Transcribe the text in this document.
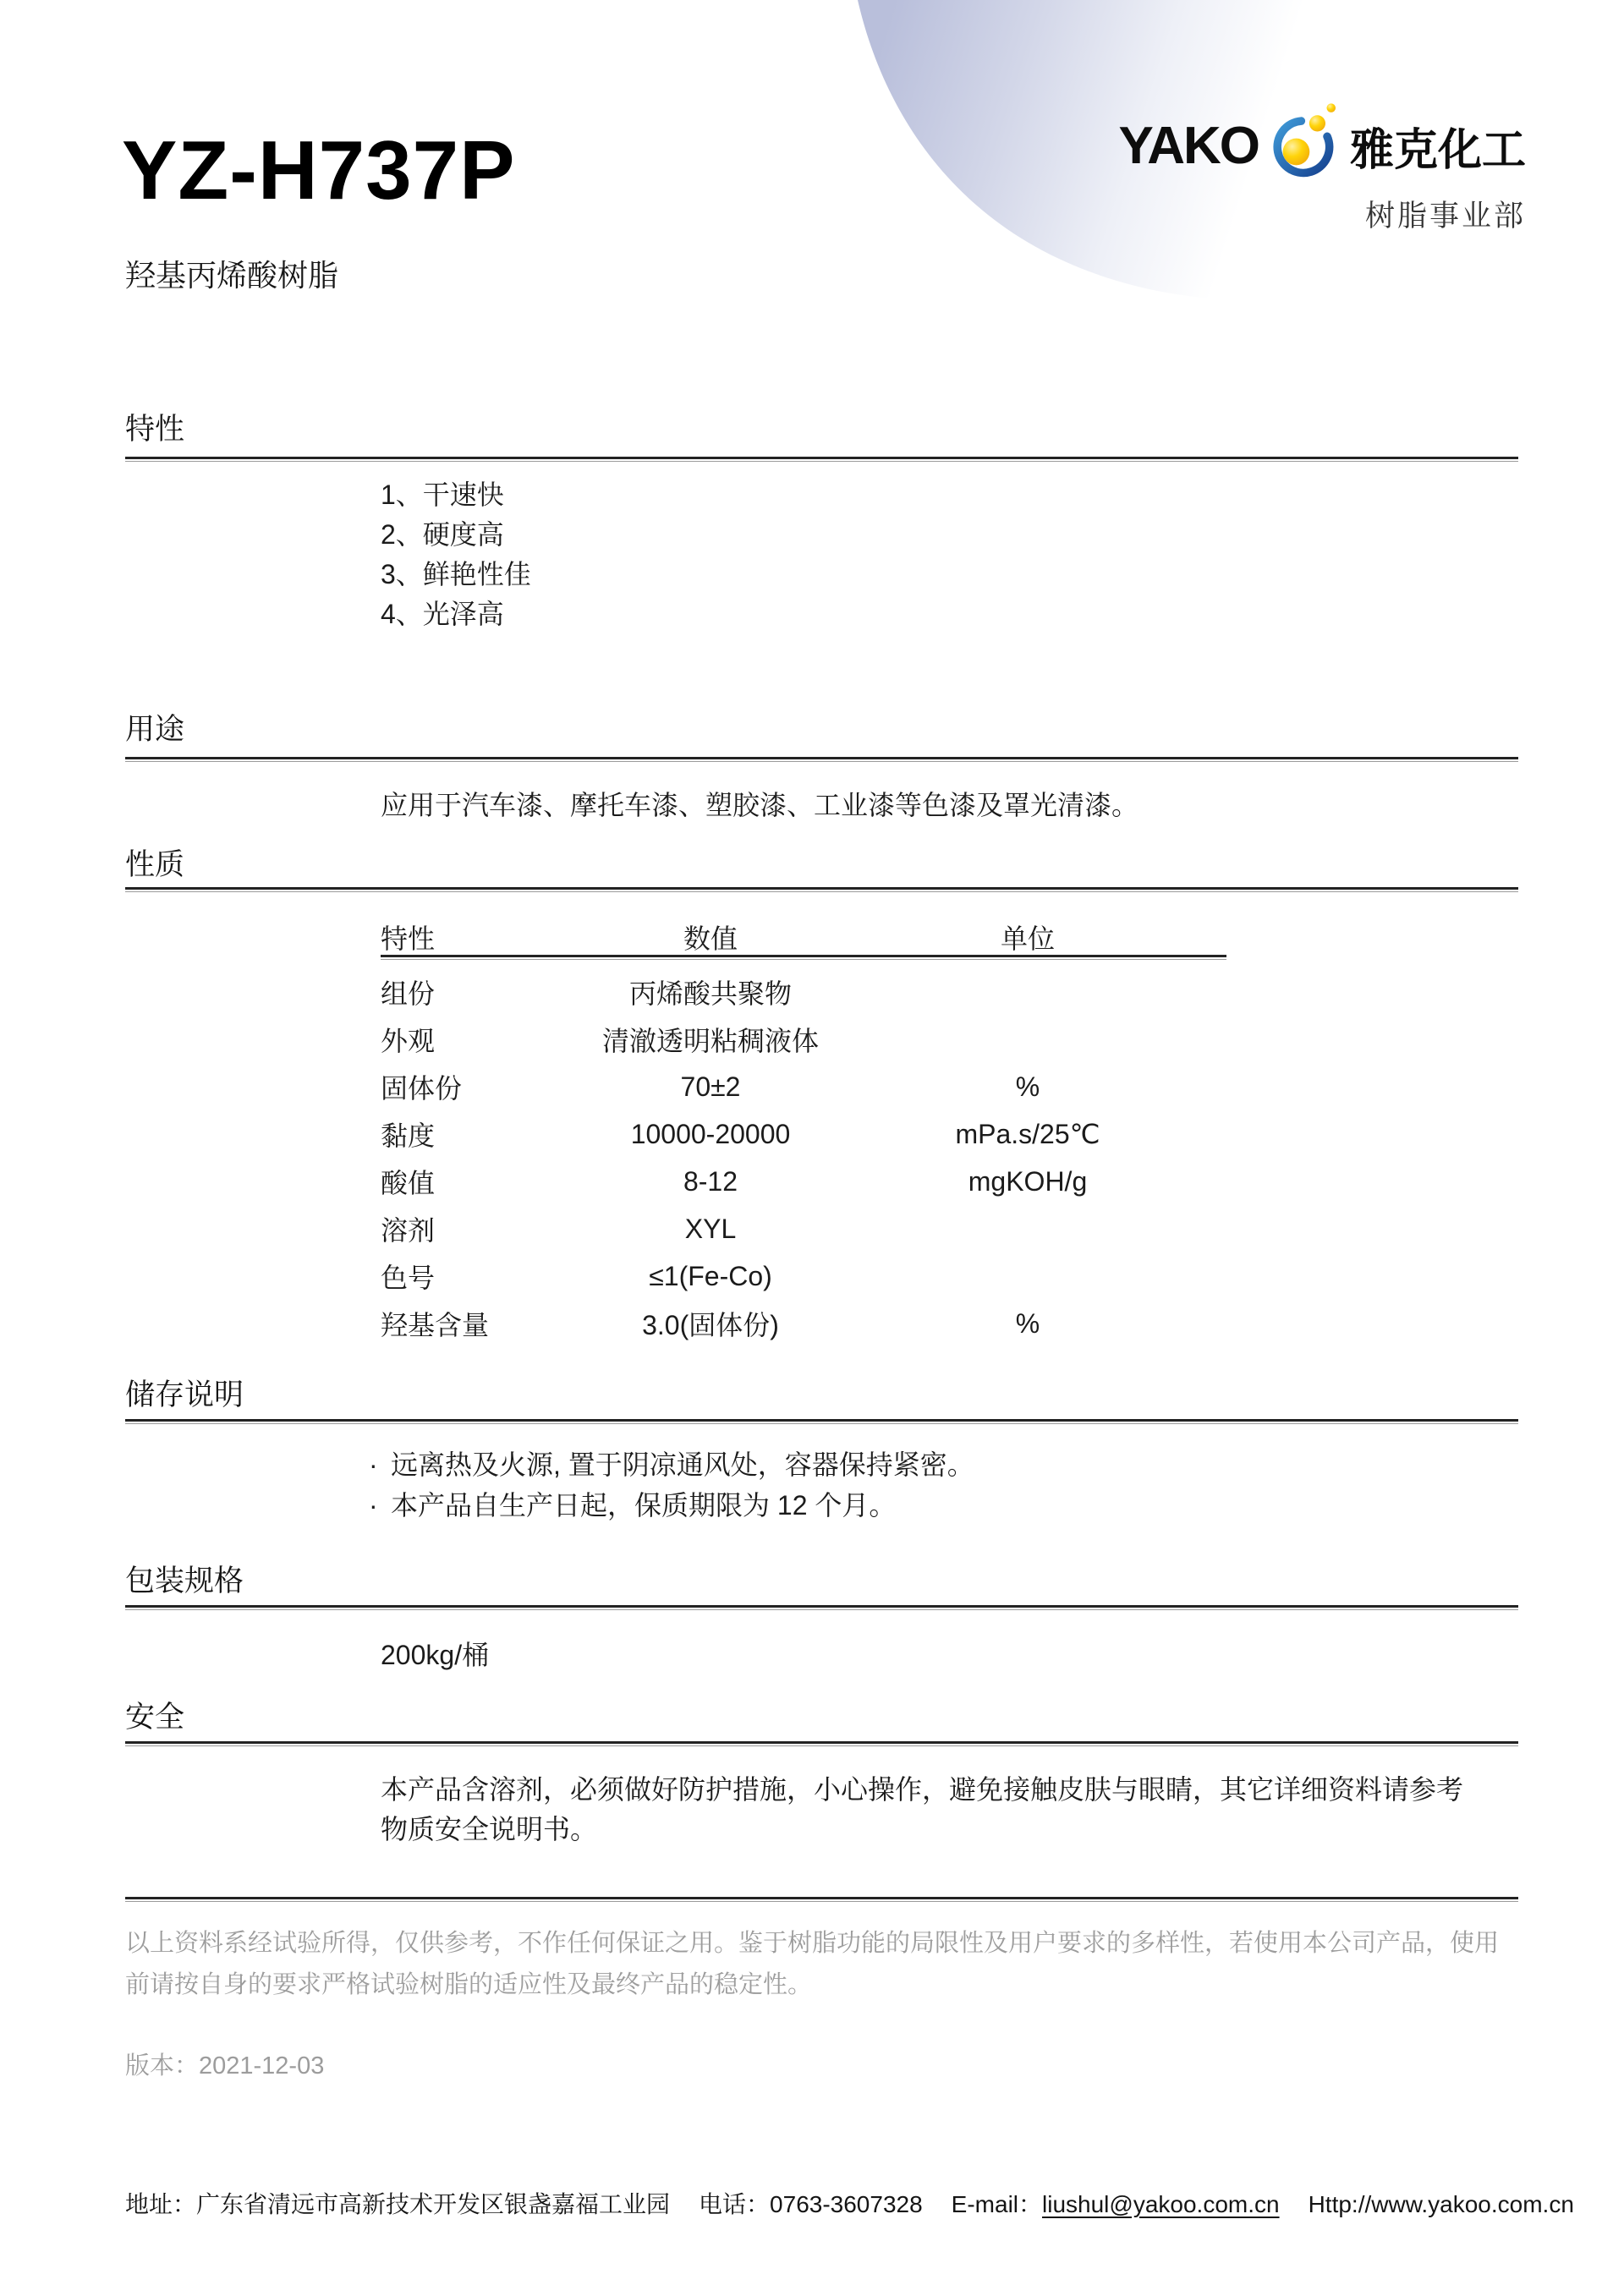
YZ-H737P	YAKO 雅克化工
树脂事业部
羟基丙烯酸树脂
特性
1、干速快
2、硬度高
3、鲜艳性佳
4、光泽高
用途
应用于汽车漆、摩托车漆、塑胶漆、工业漆等色漆及罩光清漆。
性质
特性	数值	单位
组份	丙烯酸共聚物
外观	清澈透明粘稠液体
固体份	70±2	%
黏度	10000-20000	mPa.s/25℃
酸值	8-12	mgKOH/g
溶剂	XYL
色号	≤1(Fe-Co)
羟基含量	3.0(固体份)	%
储存说明
· 远离热及火源, 置于阴凉通风处，容器保持紧密。
· 本产品自生产日起，保质期限为 12 个月。
包装规格
200kg/桶
安全
本产品含溶剂，必须做好防护措施，小心操作，避免接触皮肤与眼睛，其它详细资料请参考
物质安全说明书。
以上资料系经试验所得，仅供参考，不作任何保证之用。鉴于树脂功能的局限性及用户要求的多样性，若使用本公司产品，使用
前请按自身的要求严格试验树脂的适应性及最终产品的稳定性。
版本：2021-12-03
地址：广东省清远市高新技术开发区银盏嘉福工业园 电话：0763-3607328 E-mail：liushul@yakoo.com.cn Http://www.yakoo.com.cn
